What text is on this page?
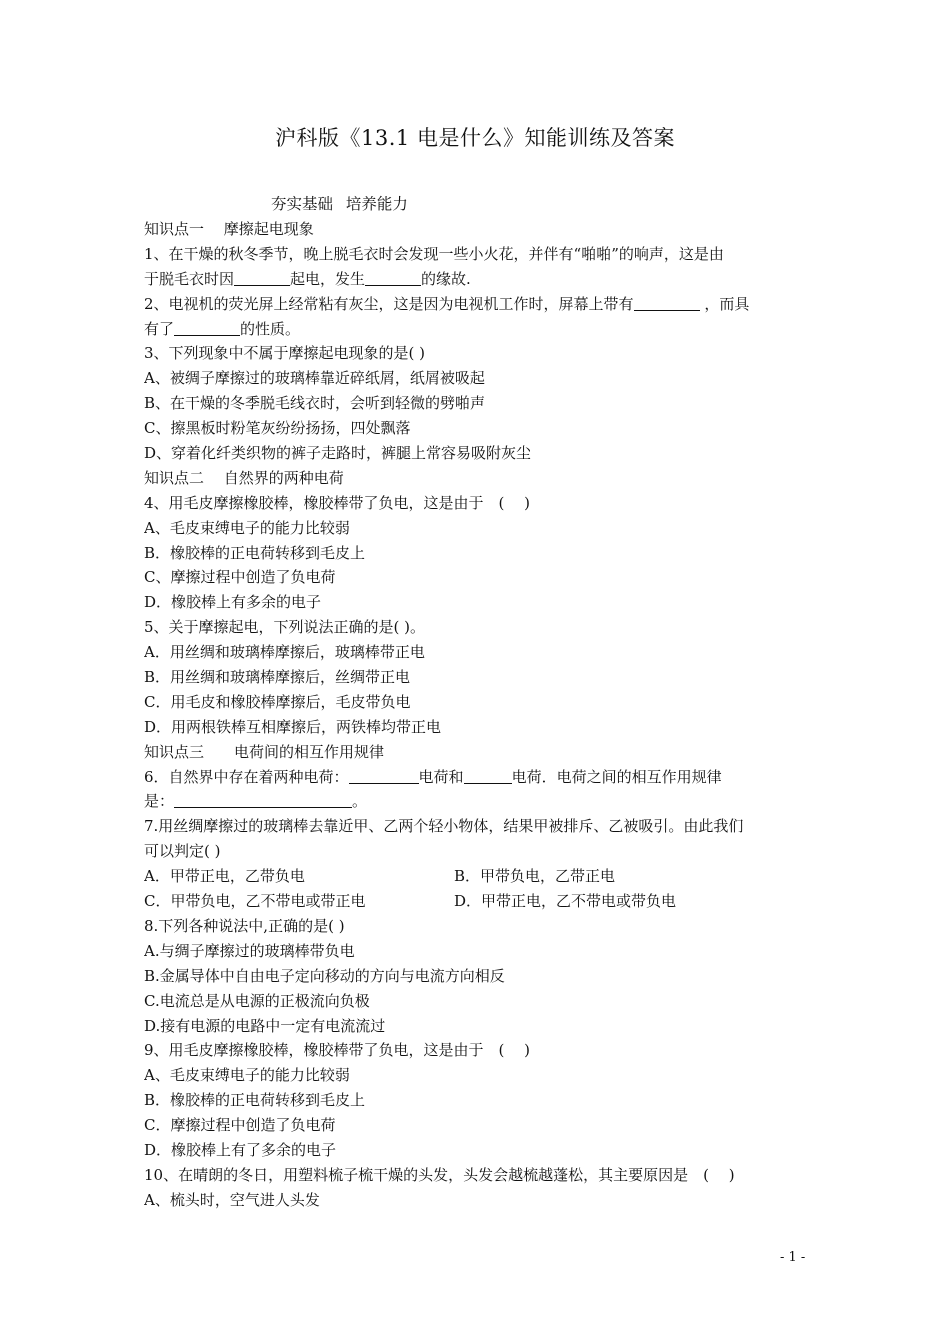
沪科版《13.1 电是什么》知能训练及答案
夯实基础 培养能力
知识点一　 摩擦起电现象
1、在干燥的秋冬季节，晚上脱毛衣时会发现一些小火花，并伴有“啪啪”的响声，这是由
于脱毛衣时因	起电，发生	的缘故.
2、电视机的荧光屏上经常粘有灰尘，这是因为电视机工作时，屏幕上带有	，而具
有了	的性质。
3、下列现象中不属于摩擦起电现象的是( )
A、被绸子摩擦过的玻璃棒靠近碎纸屑，纸屑被吸起
B、在干燥的冬季脱毛线衣时，会听到轻微的劈啪声
C、擦黑板时粉笔灰纷纷扬扬，四处飘落
D、穿着化纤类织物的裤子走路时，裤腿上常容易吸附灰尘
知识点二　 自然界的两种电荷
4、用毛皮摩擦橡胶棒，橡胶棒带了负电，这是由于　(　 )
A、毛皮束缚电子的能力比较弱
B．橡胶棒的正电荷转移到毛皮上
C、摩擦过程中创造了负电荷
D．橡胶棒上有多余的电子
5、关于摩擦起电，下列说法正确的是( )。
A．用丝绸和玻璃棒摩擦后，玻璃棒带正电
B．用丝绸和玻璃棒摩擦后，丝绸带正电
C．用毛皮和橡胶棒摩擦后，毛皮带负电
D．用两根铁棒互相摩擦后，两铁棒均带正电
知识点三　　电荷间的相互作用规律
6．自然界中存在着两种电荷：	电荷和	电荷．电荷之间的相互作用规律
是：	。
7.用丝绸摩擦过的玻璃棒去靠近甲、乙两个轻小物体，结果甲被排斥、乙被吸引。由此我们
可以判定( )
A．甲带正电，乙带负电	B．甲带负电，乙带正电
C．甲带负电，乙不带电或带正电	D．甲带正电，乙不带电或带负电
8.下列各种说法中,正确的是( )
A.与绸子摩擦过的玻璃棒带负电
B.金属导体中自由电子定向移动的方向与电流方向相反
C.电流总是从电源的正极流向负极
D.接有电源的电路中一定有电流流过
9、用毛皮摩擦橡胶棒，橡胶棒带了负电，这是由于　(　 )
A、毛皮束缚电子的能力比较弱
B．橡胶棒的正电荷转移到毛皮上
C．摩擦过程中创造了负电荷
D．橡胶棒上有了多余的电子
10、在晴朗的冬日，用塑料梳子梳干燥的头发，头发会越梳越蓬松，其主要原因是　(　 )
A、梳头时，空气进人头发
- 1 -
